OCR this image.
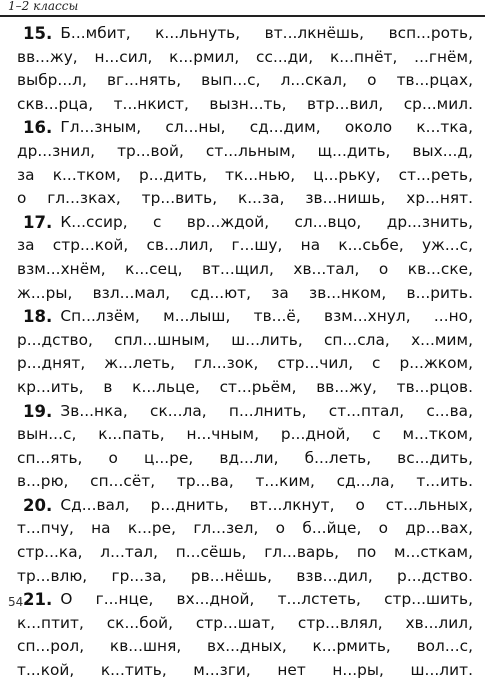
1–2 классы
15. Б...мбит, к...льнуть, вт...лкнёшь, всп...роть,
вв...жу, н...сил, к...рмил, сс...ди, к...пнёт, ...гнём,
выбр...л, вг...нять, вып...с, л...скал, о тв...рцах,
скв...рца, т...нкист, вызн...ть, втр...вил, ср...мил.
16. Гл...зным, сл...ны, сд...дим, около к...тка,
др...знил, тр...вой, ст...льным, щ...дить, вых...д,
за к...тком, р...дить, тк...нью, ц...рьку, ст...реть,
о гл...зках, тр...вить, к...за, зв...нишь, хр...нят.
17. К...ссир, с вр...ждой, сл...вцо, др...знить,
за стр...кой, св...лил, г...шу, на к...сьбе, уж...с,
взм...хнём, к...сец, вт...щил, хв...тал, о кв...ске,
ж...ры, взл...мал, сд...ют, за зв...нком, в...рить.
18. Сп...лзём, м...лыш, тв...ё, взм...хнул, ...но,
р...дство, спл...шным, ш...лить, сп...сла, х...мим,
р...днят, ж...леть, гл...зок, стр...чил, с р...жком,
кр...ить, в к...льце, ст...рьём, вв...жу, тв...рцов.
19. Зв...нка, ск...ла, п...лнить, ст...птал, с...ва,
вын...с, к...пать, н...чным, р...дной, с м...тком,
сп...ять, о ц...ре, вд...ли, б...леть, вс...дить,
в...рю, сп...сёт, тр...ва, т...ким, сд...ла, т...ить.
20. Сд...вал, р...днить, вт...лкнут, о ст...льных,
т...пчу, на к...ре, гл...зел, о б...йце, о др...вах,
стр...ка, л...тал, п...сёшь, гл...варь, по м...сткам,
тр...влю, гр...за, рв...нёшь, взв...дил, р...дство.
21. О г...нце, вх...дной, т...лстеть, стр...шить,
к...птит, ск...бой, стр...шат, стр...влял, хв...лил,
сп...рол, кв...шня, вх...дных, к...рмить, вол...с,
т...кой, к...тить, м...зги, нет н...ры, ш...лит.
54
